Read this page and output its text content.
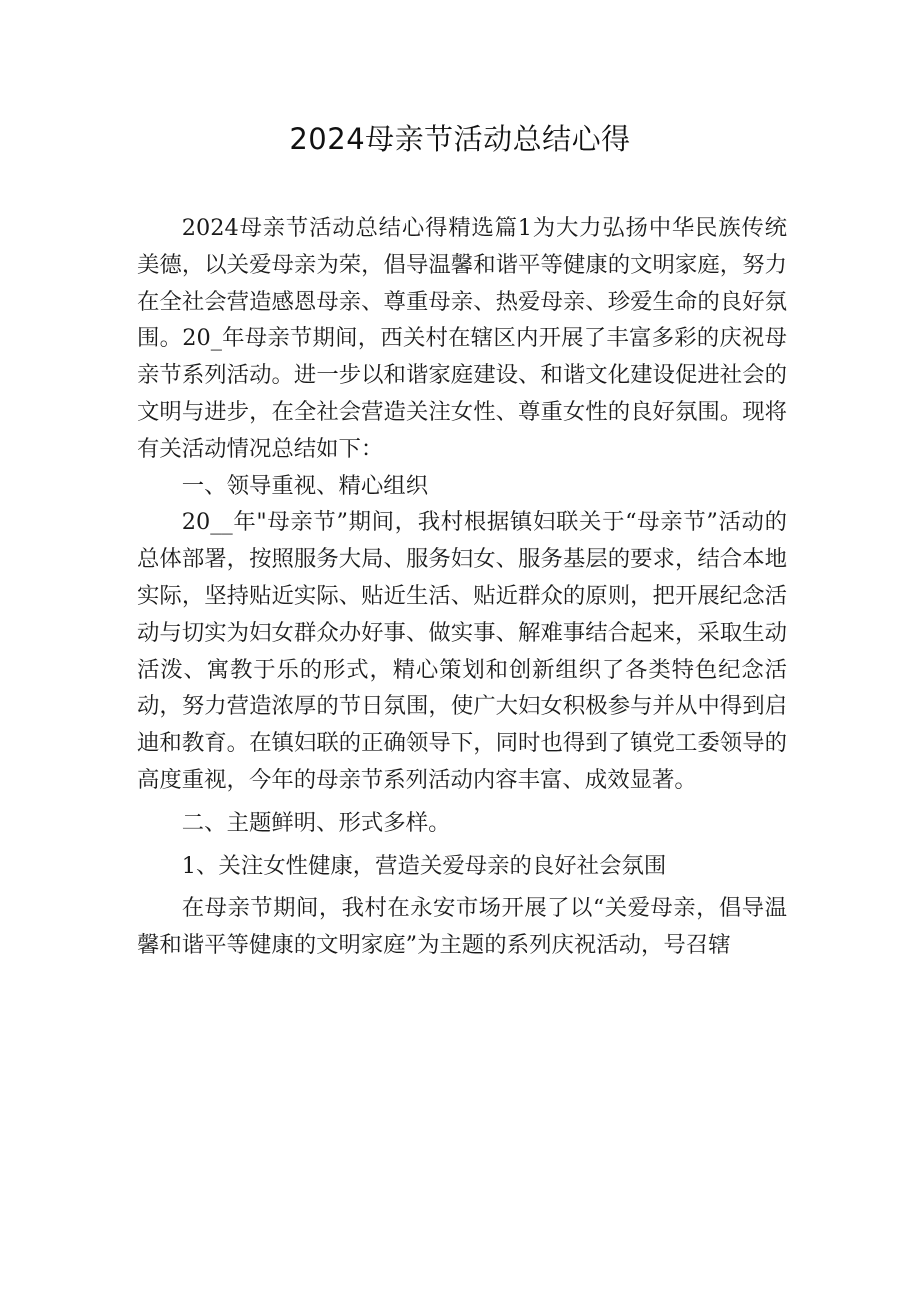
2024母亲节活动总结心得

2024母亲节活动总结心得精选篇1为大力弘扬中华民族传统美德，以关爱母亲为荣，倡导温馨和谐平等健康的文明家庭，努力在全社会营造感恩母亲、尊重母亲、热爱母亲、珍爱生命的良好氛围。20_年母亲节期间，西关村在辖区内开展了丰富多彩的庆祝母亲节系列活动。进一步以和谐家庭建设、和谐文化建设促进社会的文明与进步，在全社会营造关注女性、尊重女性的良好氛围。现将有关活动情况总结如下：

一、领导重视、精心组织

20__年"母亲节”期间，我村根据镇妇联关于“母亲节”活动的总体部署，按照服务大局、服务妇女、服务基层的要求，结合本地实际，坚持贴近实际、贴近生活、贴近群众的原则，把开展纪念活动与切实为妇女群众办好事、做实事、解难事结合起来，采取生动活泼、寓教于乐的形式，精心策划和创新组织了各类特色纪念活动，努力营造浓厚的节日氛围，使广大妇女积极参与并从中得到启迪和教育。在镇妇联的正确领导下，同时也得到了镇党工委领导的高度重视，今年的母亲节系列活动内容丰富、成效显著。

二、主题鲜明、形式多样。

1、关注女性健康，营造关爱母亲的良好社会氛围

在母亲节期间，我村在永安市场开展了以“关爱母亲，倡导温馨和谐平等健康的文明家庭”为主题的系列庆祝活动，号召辖
